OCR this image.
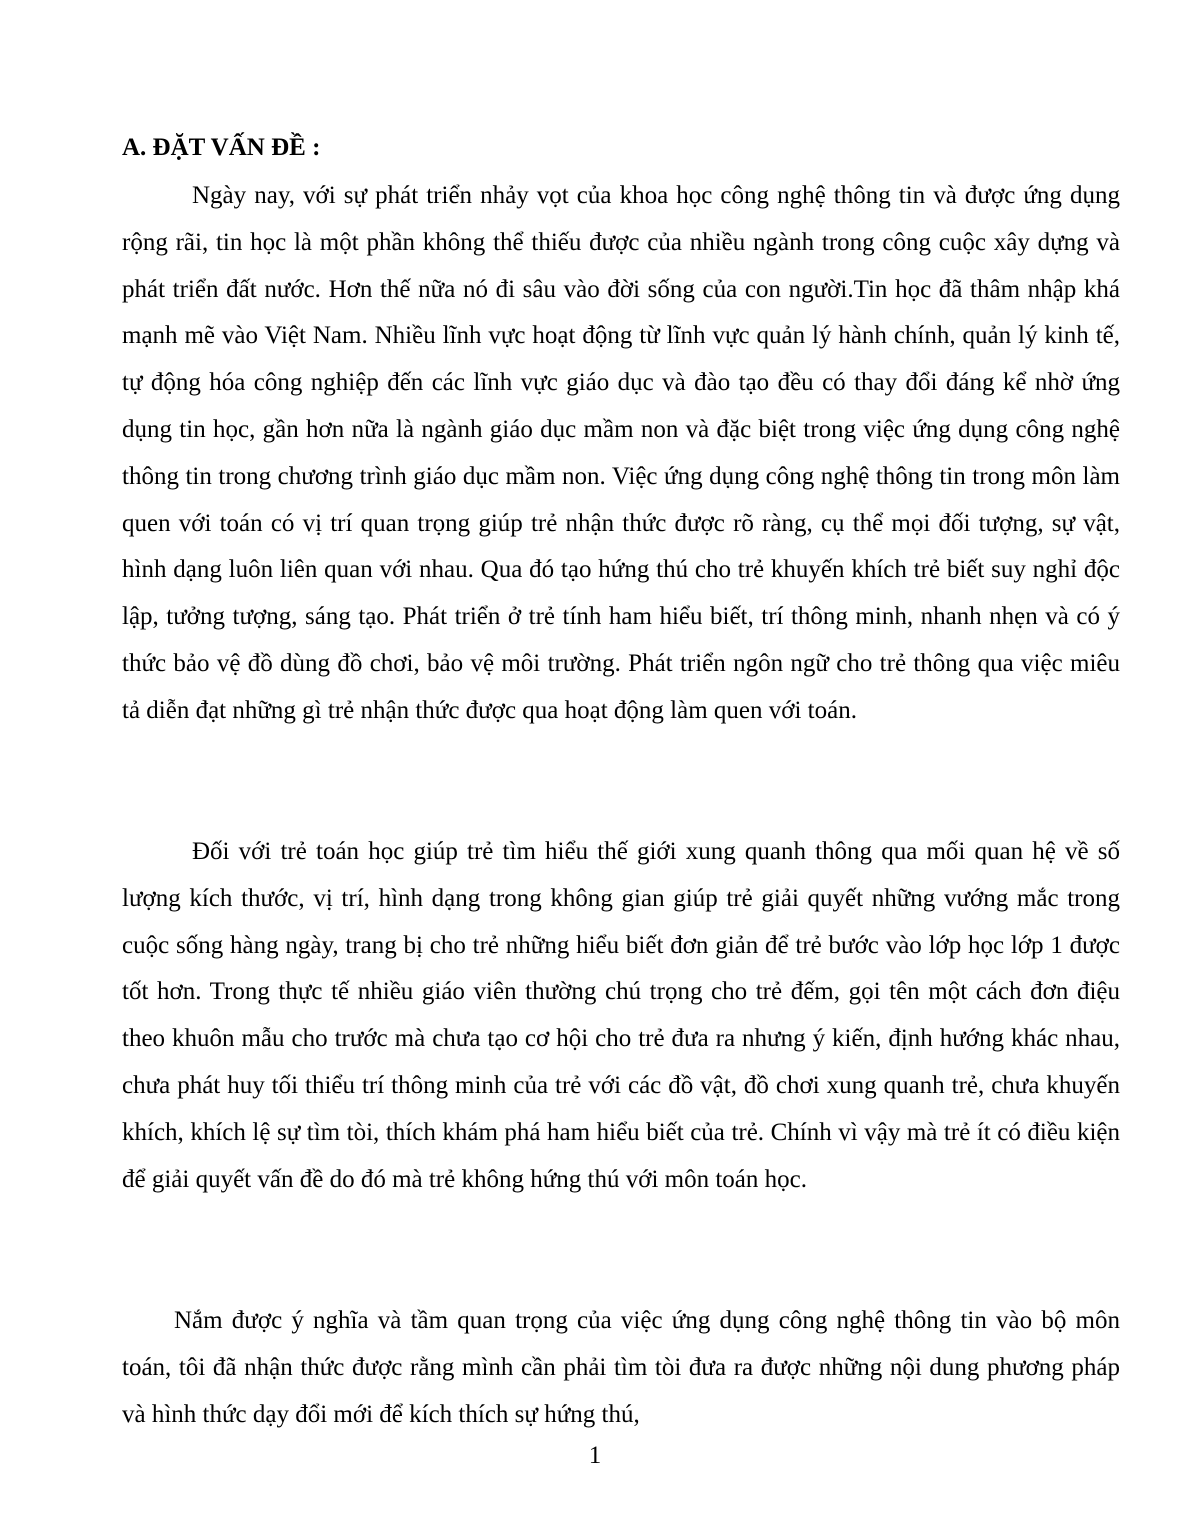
A. ĐẶT VẤN ĐỀ :

Ngày nay, với sự phát triển nhảy vọt của khoa học công nghệ thông tin và được ứng dụng rộng rãi, tin học là một phần không thể thiếu được của nhiều ngành trong công cuộc xây dựng và phát triển đất nước. Hơn thế nữa nó đi sâu vào đời sống của con người.Tin học đã thâm nhập khá mạnh mẽ vào Việt Nam. Nhiều lĩnh vực hoạt động từ lĩnh vực quản lý hành chính, quản lý kinh tế, tự động hóa công nghiệp đến các lĩnh vực giáo dục và đào tạo đều có thay đổi đáng kể nhờ ứng dụng tin học, gần hơn nữa là ngành giáo dục mầm non và đặc biệt trong việc ứng dụng công nghệ thông tin trong chương trình giáo dục mầm non. Việc ứng dụng công nghệ thông tin trong môn làm quen với toán có vị trí quan trọng giúp trẻ nhận thức được rõ ràng, cụ thể mọi đối tượng, sự vật, hình dạng luôn liên quan với nhau. Qua đó tạo hứng thú cho trẻ khuyến khích trẻ biết suy nghỉ độc lập, tưởng tượng, sáng tạo. Phát triển ở trẻ tính ham hiểu biết, trí thông minh, nhanh nhẹn và có ý thức bảo vệ đồ dùng đồ chơi, bảo vệ môi trường. Phát triển ngôn ngữ cho trẻ thông qua việc miêu tả diễn đạt những gì trẻ nhận thức được qua hoạt động làm quen với toán.

Đối với trẻ toán học giúp trẻ tìm hiểu thế giới xung quanh thông qua mối quan hệ về số lượng kích thước, vị trí, hình dạng trong không gian giúp trẻ giải quyết những vướng mắc trong cuộc sống hàng ngày, trang bị cho trẻ những hiểu biết đơn giản để trẻ bước vào lớp học lớp 1 được tốt hơn. Trong thực tế nhiều giáo viên thường chú trọng cho trẻ đếm, gọi tên một cách đơn điệu theo khuôn mẫu cho trước mà chưa tạo cơ hội cho trẻ đưa ra nhưng ý kiến, định hướng khác nhau, chưa phát huy tối thiểu trí thông minh của trẻ với các đồ vật, đồ chơi xung quanh trẻ, chưa khuyến khích, khích lệ sự tìm tòi, thích khám phá ham hiểu biết của trẻ. Chính vì vậy mà trẻ ít có điều kiện để giải quyết vấn đề do đó mà trẻ không hứng thú với môn toán học.

Nắm được ý nghĩa và tầm quan trọng của việc ứng dụng công nghệ thông tin vào bộ môn toán, tôi đã nhận thức được rằng mình cần phải tìm tòi đưa ra được những nội dung phương pháp và hình thức dạy đổi mới để kích thích sự hứng thú,

1
